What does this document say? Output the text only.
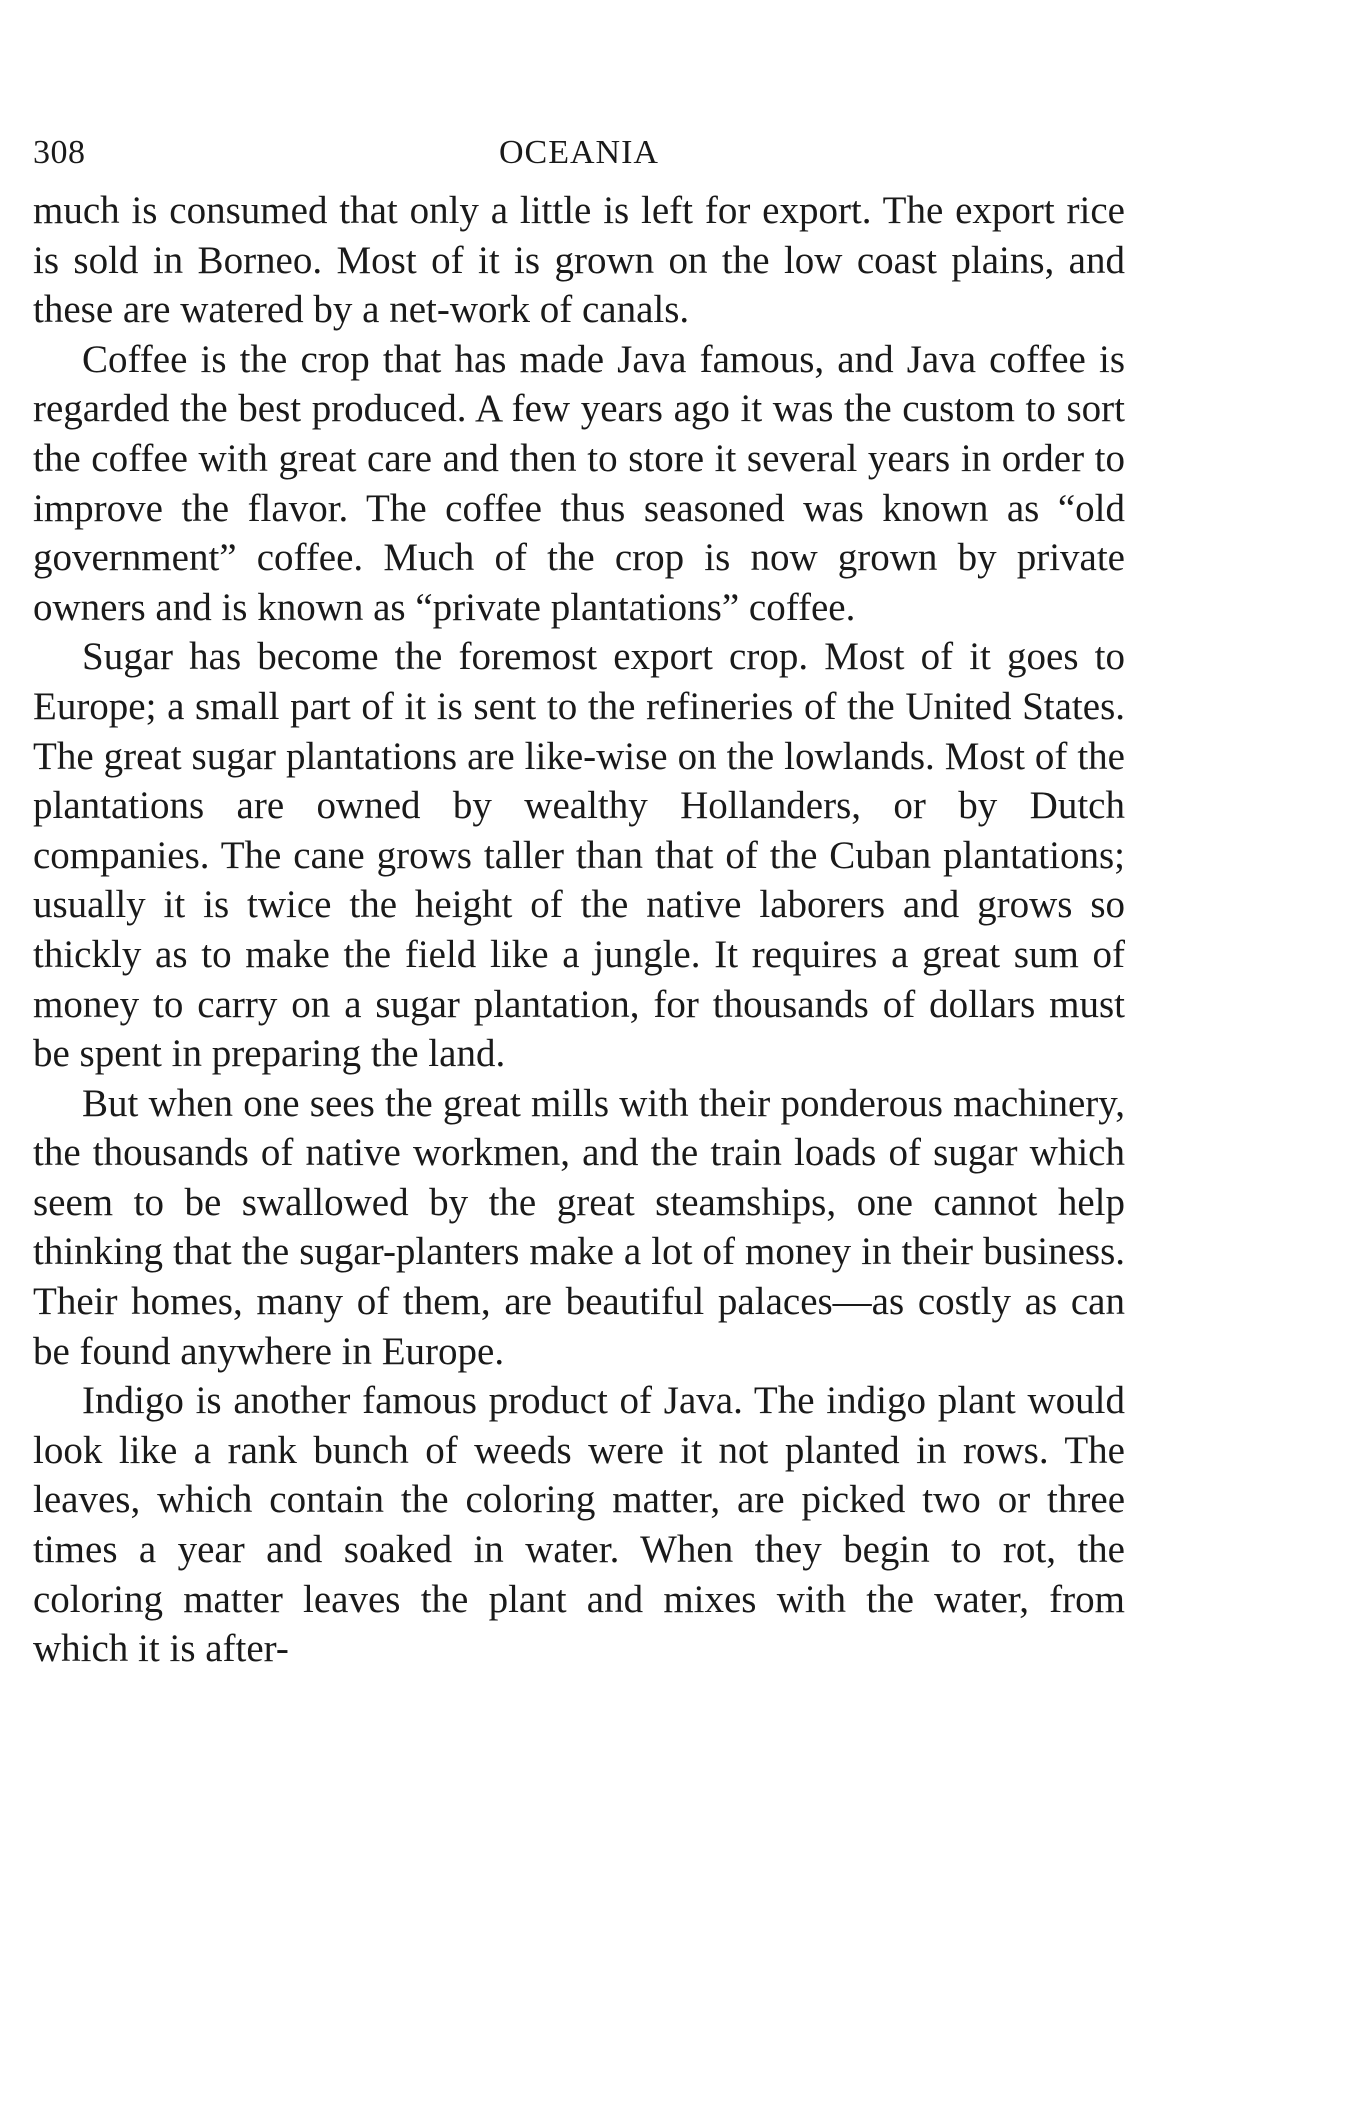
308	OCEANIA

much is consumed that only a little is left for export. The export rice is sold in Borneo. Most of it is grown on the low coast plains, and these are watered by a net-work of canals.

Coffee is the crop that has made Java famous, and Java coffee is regarded the best produced. A few years ago it was the custom to sort the coffee with great care and then to store it several years in order to improve the flavor. The coffee thus seasoned was known as “old government” coffee. Much of the crop is now grown by private owners and is known as “private plantations” coffee.

Sugar has become the foremost export crop. Most of it goes to Europe; a small part of it is sent to the refineries of the United States. The great sugar plantations are like-wise on the lowlands. Most of the plantations are owned by wealthy Hollanders, or by Dutch companies. The cane grows taller than that of the Cuban plantations; usually it is twice the height of the native laborers and grows so thickly as to make the field like a jungle. It requires a great sum of money to carry on a sugar plantation, for thousands of dollars must be spent in preparing the land.

But when one sees the great mills with their ponderous machinery, the thousands of native workmen, and the train loads of sugar which seem to be swallowed by the great steamships, one cannot help thinking that the sugar-planters make a lot of money in their business. Their homes, many of them, are beautiful palaces—as costly as can be found anywhere in Europe.

Indigo is another famous product of Java. The indigo plant would look like a rank bunch of weeds were it not planted in rows. The leaves, which contain the coloring matter, are picked two or three times a year and soaked in water. When they begin to rot, the coloring matter leaves the plant and mixes with the water, from which it is after-
